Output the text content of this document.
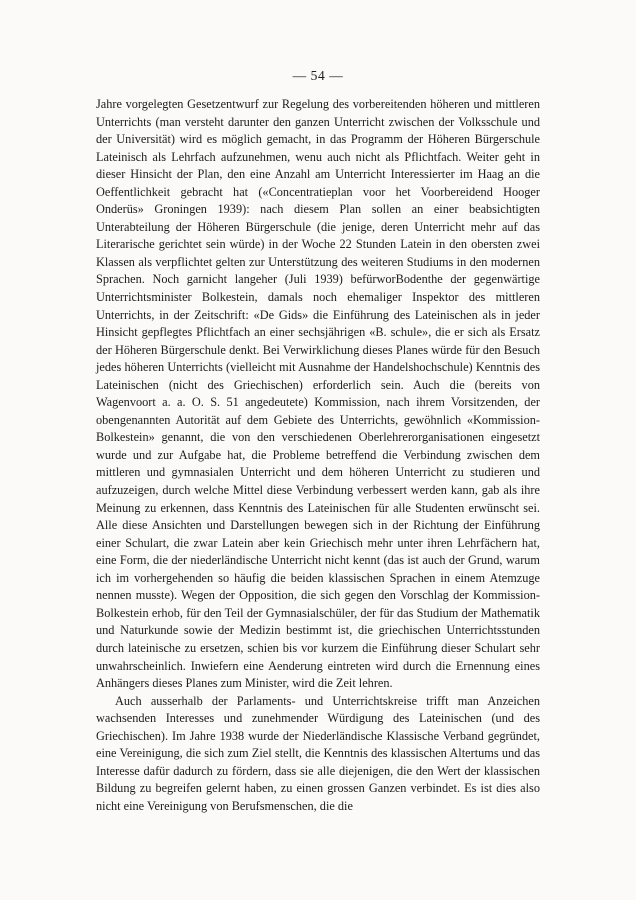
— 54 —

Jahre vorgelegten Gesetzentwurf zur Regelung des vorbereitenden höheren und mittleren Unterrichts (man versteht darunter den ganzen Unterricht zwischen der Volksschule und der Universität) wird es möglich gemacht, in das Programm der Höheren Bürgerschule Lateinisch als Lehrfach aufzunehmen, wenu auch nicht als Pflichtfach. Weiter geht in dieser Hinsicht der Plan, den eine Anzahl am Unterricht Interessierter im Haag an die Oeffentlichkeit gebracht hat («Concentratieplan voor het Voorbereidend Hooger Onderüs» Groningen 1939): nach diesem Plan sollen an einer beabsichtigten Unterabteilung der Höheren Bürgerschule (die jenige, deren Unterricht mehr auf das Literarische gerichtet sein würde) in der Woche 22 Stunden Latein in den obersten zwei Klassen als verpflichtet gelten zur Unterstützung des weiteren Studiums in den modernen Sprachen. Noch garnicht langeher (Juli 1939) befürworBodenthe der gegenwärtige Unterrichtsminister Bolkestein, damals noch ehemaliger Inspektor des mittleren Unterrichts, in der Zeitschrift: «De Gids» die Einführung des Lateinischen als in jeder Hinsicht gepflegtes Pflichtfach an einer sechsjährigen «B. schule», die er sich als Ersatz der Höheren Bürgerschule denkt. Bei Verwirklichung dieses Planes würde für den Besuch jedes höheren Unterrichts (vielleicht mit Ausnahme der Handelshochschule) Kenntnis des Lateinischen (nicht des Griechischen) erforderlich sein. Auch die (bereits von Wagenvoort a. a. O. S. 51 angedeutete) Kommission, nach ihrem Vorsitzenden, der obengenannten Autorität auf dem Gebiete des Unterrichts, gewöhnlich «Kommission-Bolkestein» genannt, die von den verschiedenen Oberlehrerorganisationen eingesetzt wurde und zur Aufgabe hat, die Probleme betreffend die Verbindung zwischen dem mittleren und gymnasialen Unterricht und dem höheren Unterricht zu studieren und aufzuzeigen, durch welche Mittel diese Verbindung verbessert werden kann, gab als ihre Meinung zu erkennen, dass Kenntnis des Lateinischen für alle Studenten erwünscht sei. Alle diese Ansichten und Darstellungen bewegen sich in der Richtung der Einführung einer Schulart, die zwar Latein aber kein Griechisch mehr unter ihren Lehrfächern hat, eine Form, die der niederländische Unterricht nicht kennt (das ist auch der Grund, warum ich im vorhergehenden so häufig die beiden klassischen Sprachen in einem Atemzuge nennen musste). Wegen der Opposition, die sich gegen den Vorschlag der Kommission-Bolkestein erhob, für den Teil der Gymnasialschüler, der für das Studium der Mathematik und Naturkunde sowie der Medizin bestimmt ist, die griechischen Unterrichtsstunden durch lateinische zu ersetzen, schien bis vor kurzem die Einführung dieser Schulart sehr unwahrscheinlich. Inwiefern eine Aenderung eintreten wird durch die Ernennung eines Anhängers dieses Planes zum Minister, wird die Zeit lehren.

Auch ausserhalb der Parlaments- und Unterrichtskreise trifft man Anzeichen wachsenden Interesses und zunehmender Würdigung des Lateinischen (und des Griechischen). Im Jahre 1938 wurde der Niederländische Klassische Verband gegründet, eine Vereinigung, die sich zum Ziel stellt, die Kenntnis des klassischen Altertums und das Interesse dafür dadurch zu fördern, dass sie alle diejenigen, die den Wert der klassischen Bildung zu begreifen gelernt haben, zu einen grossen Ganzen verbindet. Es ist dies also nicht eine Vereinigung von Berufsmenschen, die die
